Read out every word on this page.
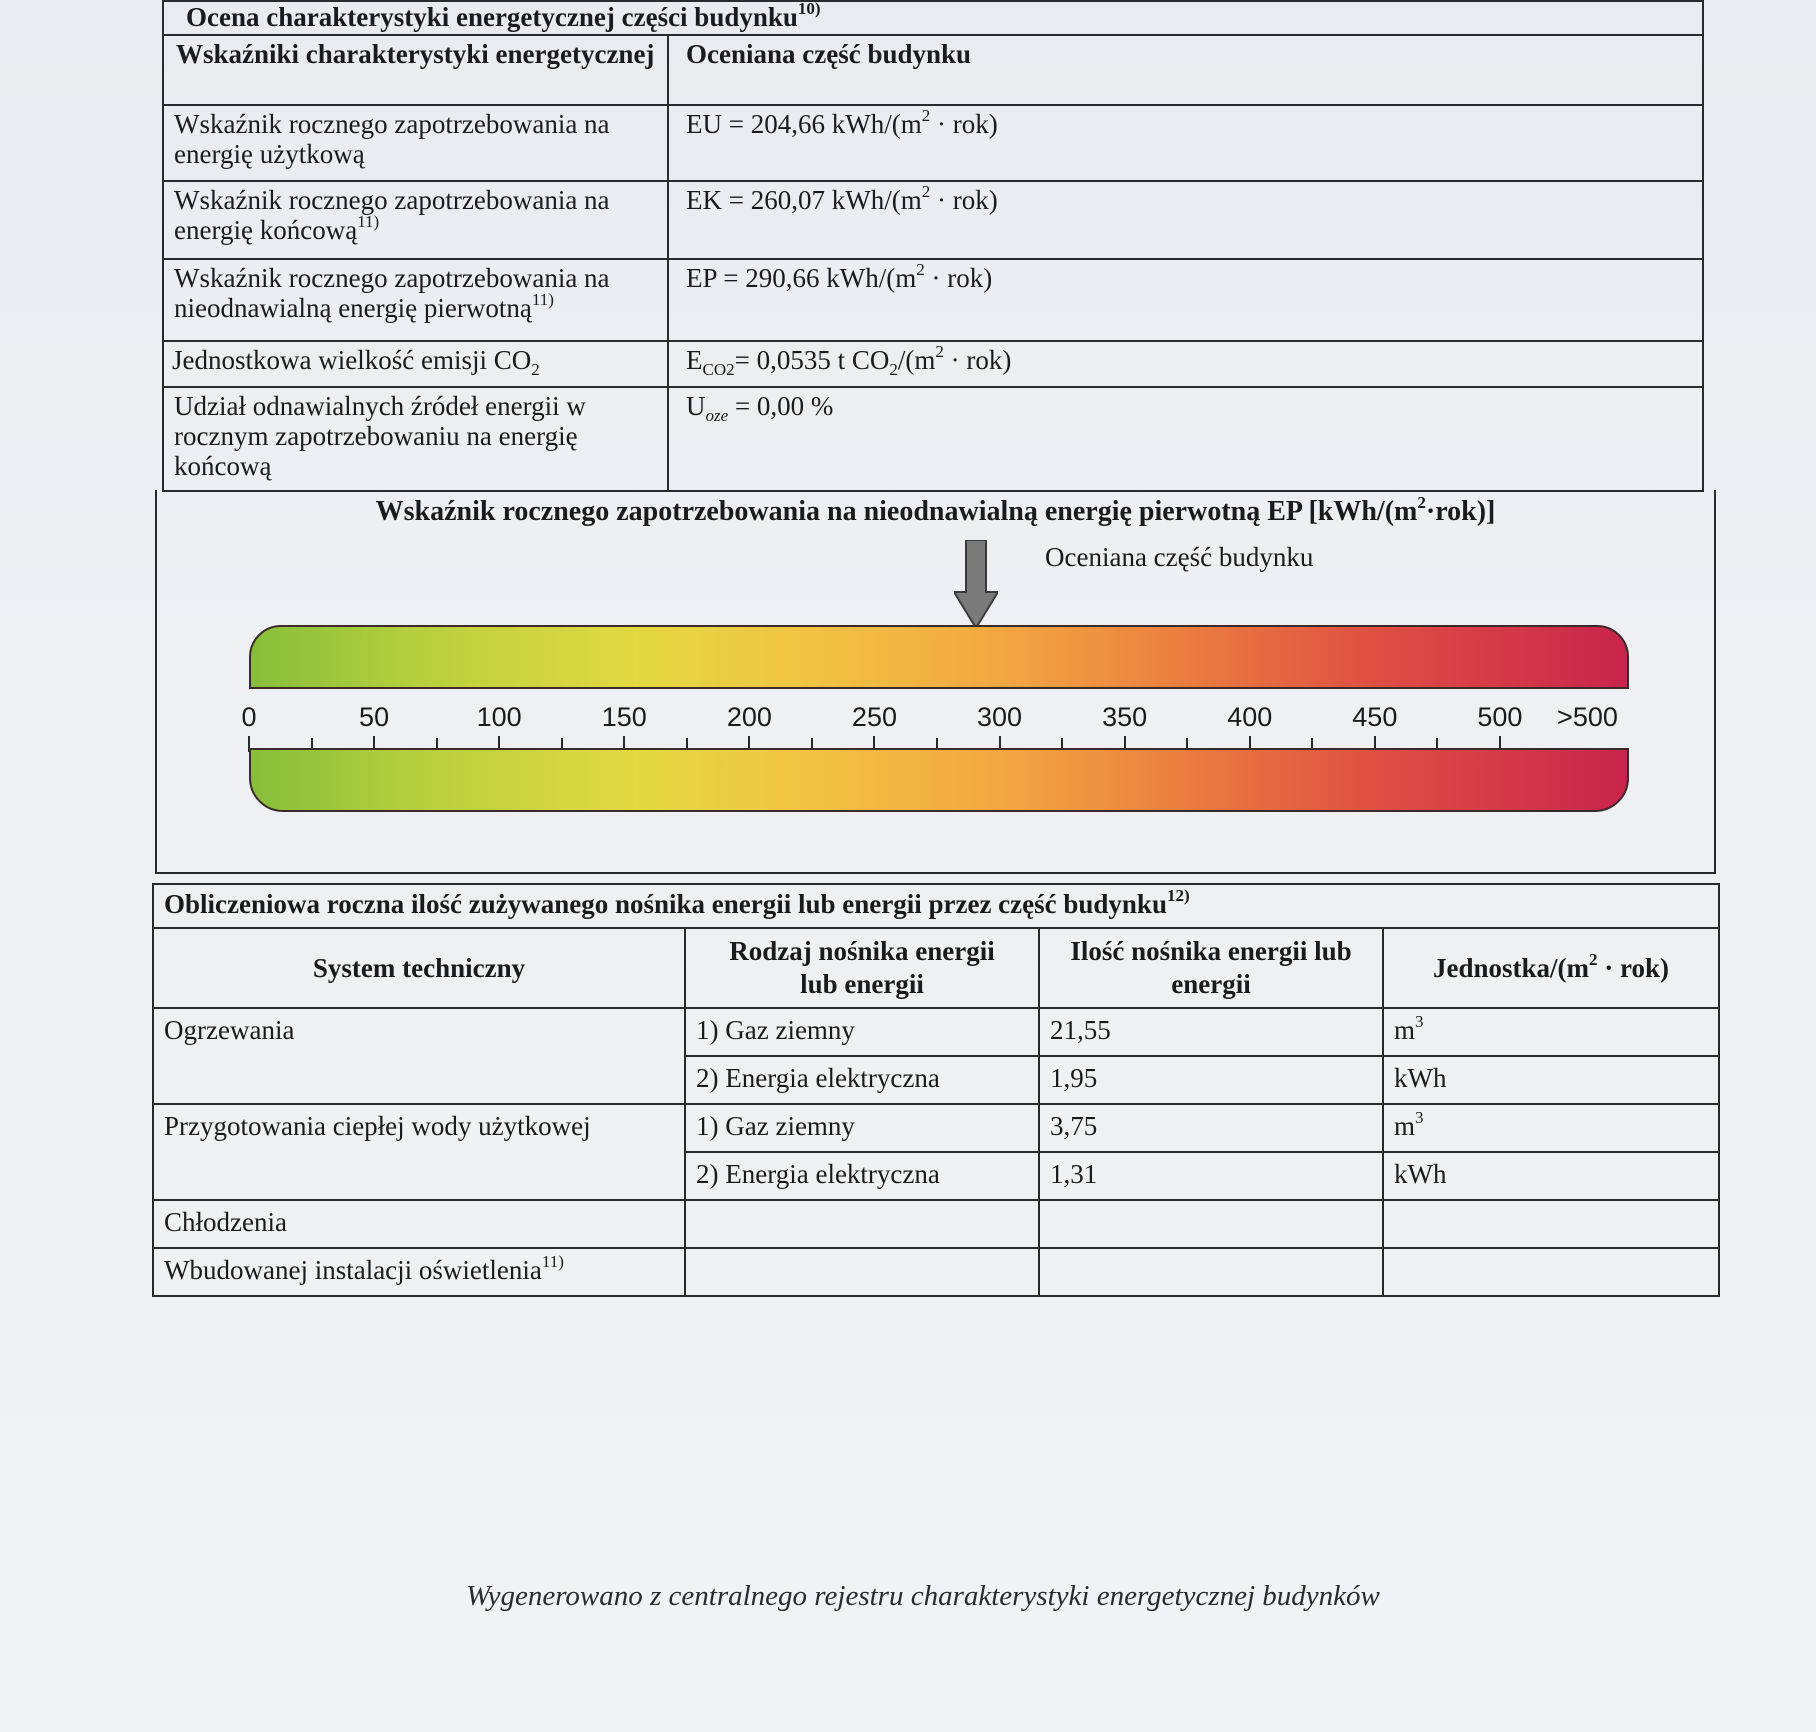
Ocena charakterystyki energetycznej części budynku$^{10)}$
Wskaźniki charakterystyki energetycznej	Oceniana część budynku
Wskaźnik rocznego zapotrzebowania na energię użytkową	EU = 204,66 kWh/$(m^2 \cdot rok)$
Wskaźnik rocznego zapotrzebowania na energię końcową$^{11)}$	EK = 260,07 kWh/$(m^2 \cdot rok)$
Wskaźnik rocznego zapotrzebowania na nieodnawialną energię pierwotną$^{11)}$	EP = 290,66 kWh/$(m^2 \cdot rok)$
Jednostkowa wielkość emisji $CO_2$	$E_{CO2}= 0,0535$ t $CO_2/(m^2 \cdot rok)$
Udział odnawialnych źródeł energii w rocznym zapotrzebowaniu na energię końcową	$U_{oze} = 0,00$ %
Wskaźnik rocznego zapotrzebowania na nieodnawialną energię pierwotną EP $[kWh/(m^2\cdot rok)]$
Oceniana część budynku
0	50	100	150	200	250	300	350	400	450	500 >500
Obliczeniowa roczna ilość zużywanego nośnika energii lub energii przez część budynku$^{12)}$
System techniczny	Rodzaj nośnika energii lub energii	Ilość nośnika energii lub energii	Jednostka/$(m^2 \cdot rok)$
Ogrzewania	1) Gaz ziemny	21,55	$m^3$
	2) Energia elektryczna	1,95	kWh
Przygotowania ciepłej wody użytkowej	1) Gaz ziemny	3,75	$m^3$
	2) Energia elektryczna	1,31	kWh
Chłodzenia			
Wbudowanej instalacji oświetlenia$^{11)}$			
Wygenerowano z centralnego rejestru charakterystyki energetycznej budynków
